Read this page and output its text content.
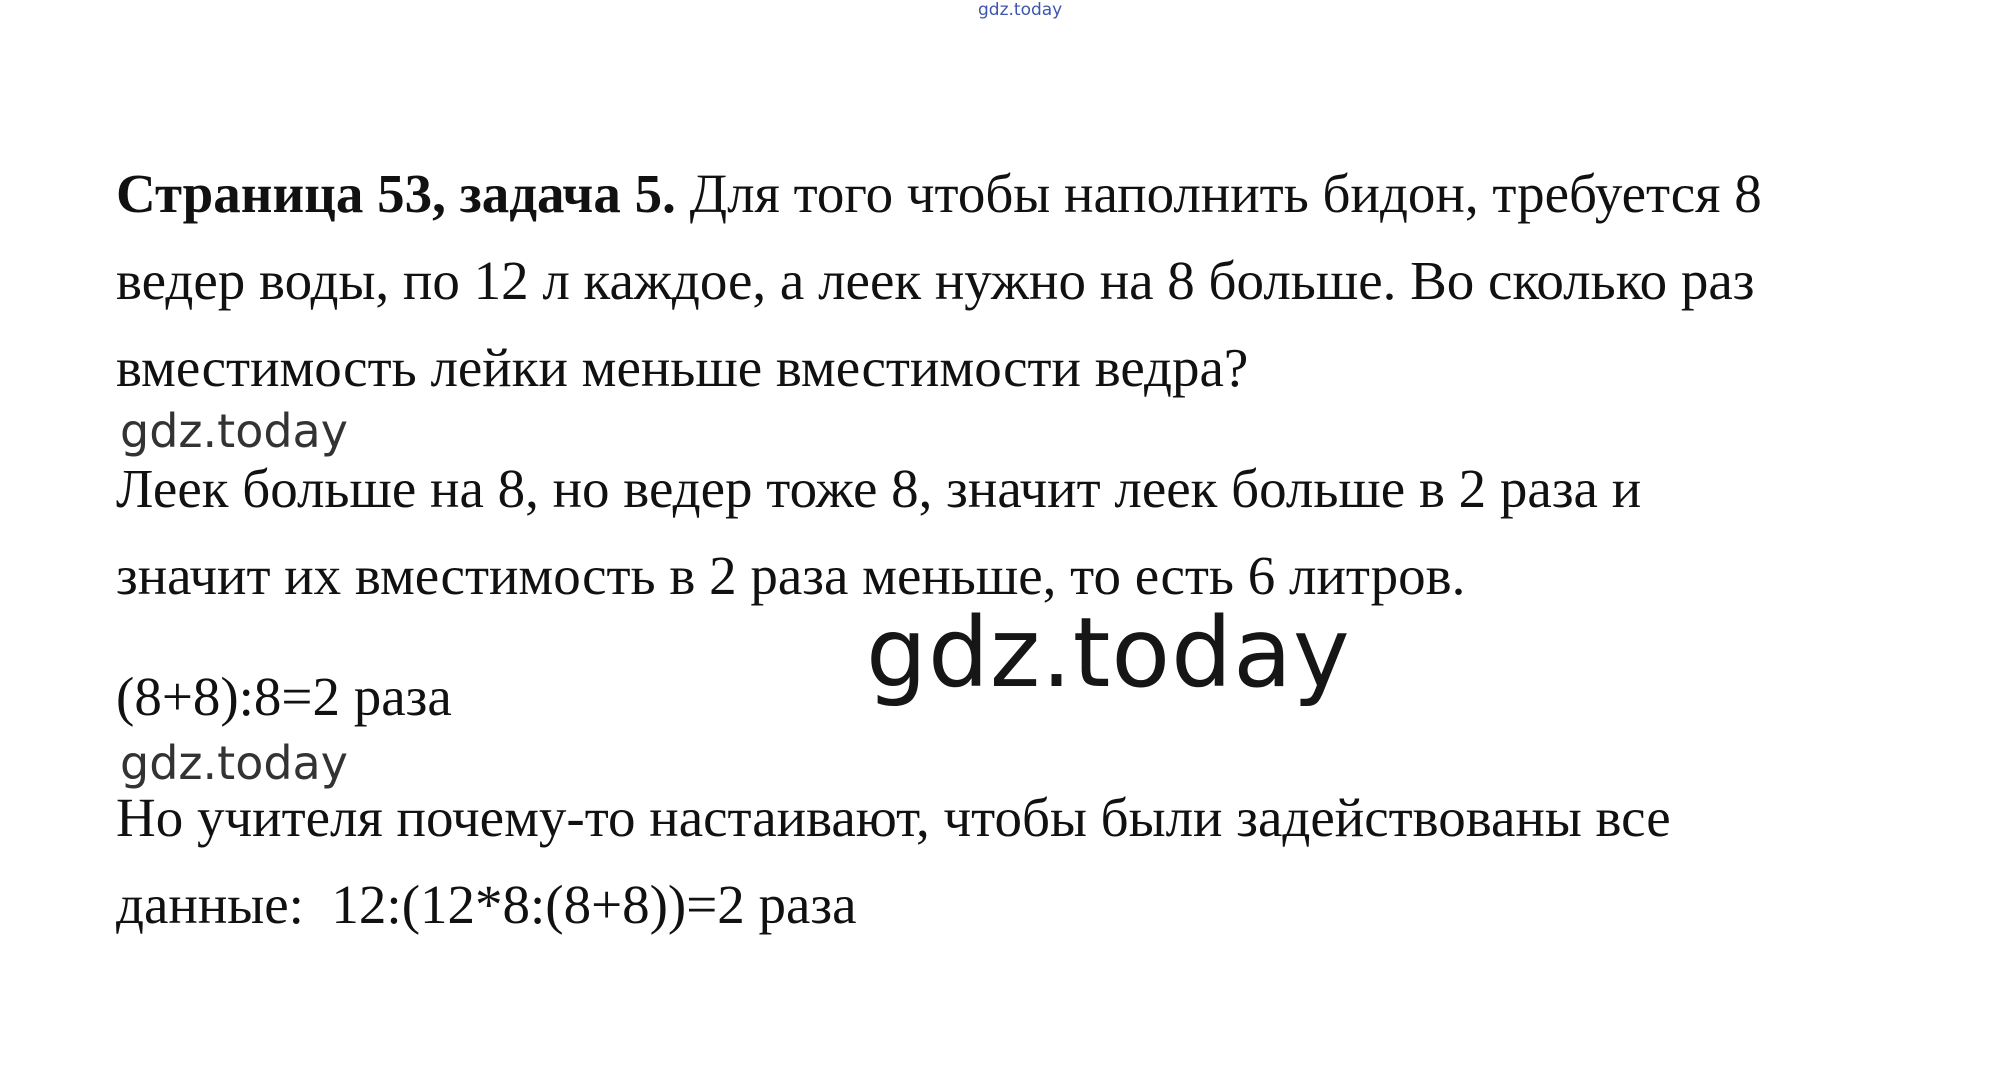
gdz.today
Страница 53, задача 5. Для того чтобы наполнить бидон, требуется 8
ведер воды, по 12 л каждое, а леек нужно на 8 больше. Во сколько раз
вместимость лейки меньше вместимости ведра?
gdz.today
Леек больше на 8, но ведер тоже 8, значит леек больше в 2 раза и
значит их вместимость в 2 раза меньше, то есть 6 литров.
gdz.today
(8+8):8=2 раза
gdz.today
Но учителя почему-то настаивают, чтобы были задействованы все
данные:  12:(12*8:(8+8))=2 раза
